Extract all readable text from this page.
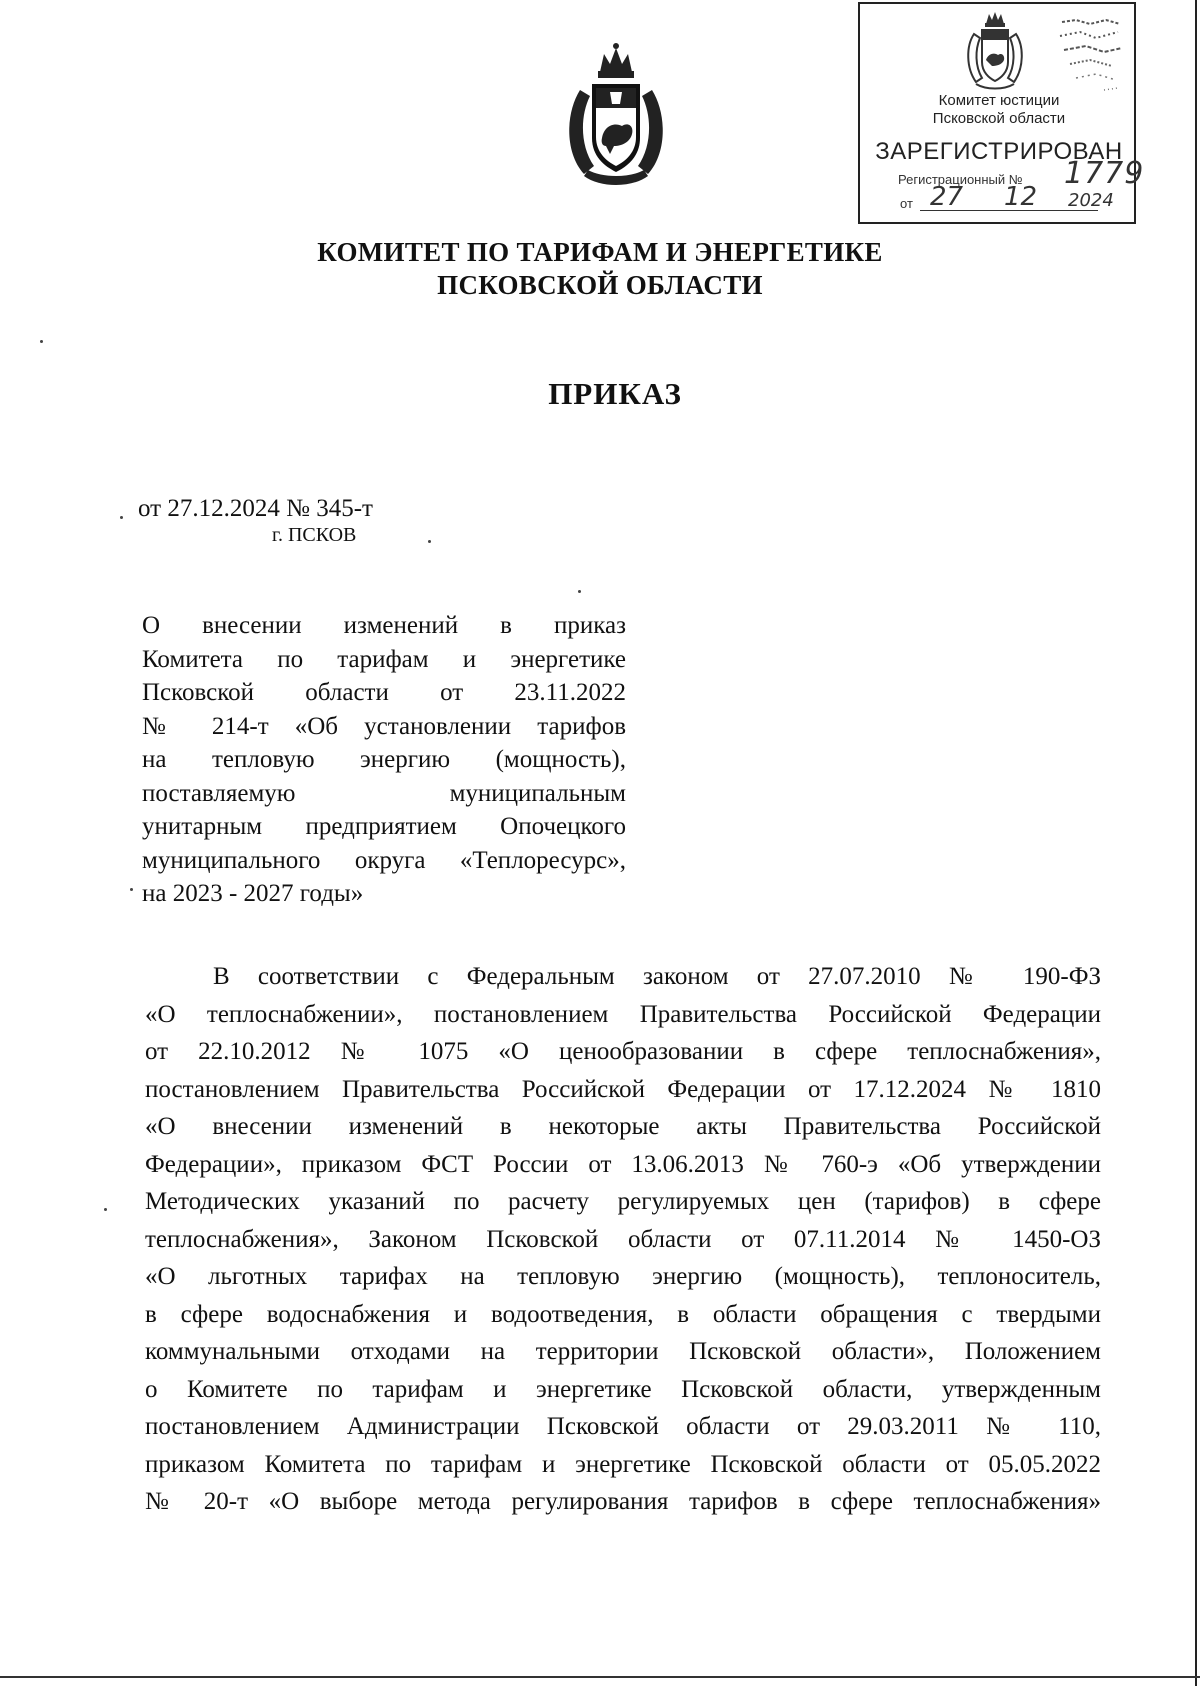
Комитет юстиции
Псковской области
ЗАРЕГИСТРИРОВАН
Регистрационный № 1779
от 27 12 2024
КОМИТЕТ ПО ТАРИФАМ И ЭНЕРГЕТИКЕ
ПСКОВСКОЙ ОБЛАСТИ
ПРИКАЗ
от 27.12.2024 № 345-т
г. ПСКОВ
О внесении изменений в приказ
Комитета по тарифам и энергетике
Псковской области от 23.11.2022
№ 214-т «Об установлении тарифов
на тепловую энергию (мощность),
поставляемую муниципальным
унитарным предприятием Опочецкого
муниципального округа «Теплоресурс»,
на 2023 - 2027 годы»
В соответствии с Федеральным законом от 27.07.2010 № 190-ФЗ
«О теплоснабжении», постановлением Правительства Российской Федерации
от 22.10.2012 № 1075 «О ценообразовании в сфере теплоснабжения»,
постановлением Правительства Российской Федерации от 17.12.2024 № 1810
«О внесении изменений в некоторые акты Правительства Российской
Федерации», приказом ФСТ России от 13.06.2013 № 760-э «Об утверждении
Методических указаний по расчету регулируемых цен (тарифов) в сфере
теплоснабжения», Законом Псковской области от 07.11.2014 № 1450-ОЗ
«О льготных тарифах на тепловую энергию (мощность), теплоноситель,
в сфере водоснабжения и водоотведения, в области обращения с твердыми
коммунальными отходами на территории Псковской области», Положением
о Комитете по тарифам и энергетике Псковской области, утвержденным
постановлением Администрации Псковской области от 29.03.2011 № 110,
приказом Комитета по тарифам и энергетике Псковской области от 05.05.2022
№ 20-т «О выборе метода регулирования тарифов в сфере теплоснабжения»
